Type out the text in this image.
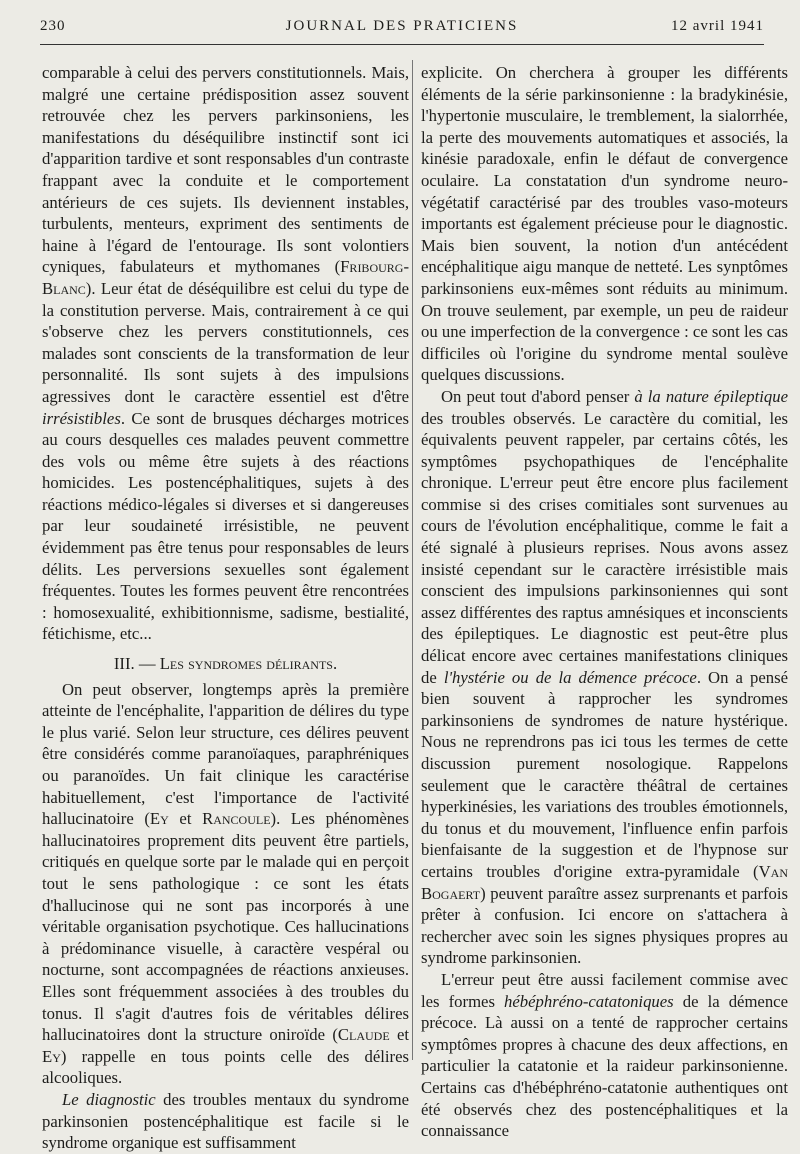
230	JOURNAL DES PRATICIENS	12 avril 1941

comparable à celui des pervers constitutionnels. Mais, malgré une certaine prédisposition assez souvent retrouvée chez les pervers parkinsoniens, les manifestations du déséquilibre instinctif sont ici d'apparition tardive et sont responsables d'un contraste frappant avec la conduite et le comportement antérieurs de ces sujets. Ils deviennent instables, turbulents, menteurs, expriment des sentiments de haine à l'égard de l'entourage. Ils sont volontiers cyniques, fabulateurs et mythomanes (Fribourg-Blanc). Leur état de déséquilibre est celui du type de la constitution perverse. Mais, contrairement à ce qui s'observe chez les pervers constitutionnels, ces malades sont conscients de la transformation de leur personnalité. Ils sont sujets à des impulsions agressives dont le caractère essentiel est d'être irrésistibles. Ce sont de brusques décharges motrices au cours desquelles ces malades peuvent commettre des vols ou même être sujets à des réactions homicides. Les postencéphalitiques, sujets à des réactions médico-légales si diverses et si dangereuses par leur soudaineté irrésistible, ne peuvent évidemment pas être tenus pour responsables de leurs délits. Les perversions sexuelles sont également fréquentes. Toutes les formes peuvent être rencontrées : homosexualité, exhibitionnisme, sadisme, bestialité, fétichisme, etc...

III. — Les syndromes délirants.

On peut observer, longtemps après la première atteinte de l'encéphalite, l'apparition de délires du type le plus varié. Selon leur structure, ces délires peuvent être considérés comme paranoïaques, paraphréniques ou paranoïdes. Un fait clinique les caractérise habituellement, c'est l'importance de l'activité hallucinatoire (Ey et Rancoule). Les phénomènes hallucinatoires proprement dits peuvent être partiels, critiqués en quelque sorte par le malade qui en perçoit tout le sens pathologique : ce sont les états d'hallucinose qui ne sont pas incorporés à une véritable organisation psychotique. Ces hallucinations à prédominance visuelle, à caractère vespéral ou nocturne, sont accompagnées de réactions anxieuses. Elles sont fréquemment associées à des troubles du tonus. Il s'agit d'autres fois de véritables délires hallucinatoires dont la structure onirοïde (Claude et Ey) rappelle en tous points celle des délires alcooliques.

Le diagnostic des troubles mentaux du syndrome parkinsonien postencéphalitique est facile si le syndrome organique est suffisamment

explicite. On cherchera à grouper les différents éléments de la série parkinsonienne : la bradykinésie, l'hypertonie musculaire, le tremblement, la sialorrhée, la perte des mouvements automatiques et associés, la kinésie paradoxale, enfin le défaut de convergence oculaire. La constatation d'un syndrome neuro-végétatif caractérisé par des troubles vaso-moteurs importants est également précieuse pour le diagnostic. Mais bien souvent, la notion d'un antécédent encéphalitique aigu manque de netteté. Les synptômes parkinsoniens eux-mêmes sont réduits au minimum. On trouve seulement, par exemple, un peu de raideur ou une imperfection de la convergence : ce sont les cas difficiles où l'origine du syndrome mental soulève quelques discussions.

On peut tout d'abord penser à la nature épileptique des troubles observés. Le caractère du comitial, les équivalents peuvent rappeler, par certains côtés, les symptômes psychopathiques de l'encéphalite chronique. L'erreur peut être encore plus facilement commise si des crises comitiales sont survenues au cours de l'évolution encéphalitique, comme le fait a été signalé à plusieurs reprises. Nous avons assez insisté cependant sur le caractère irrésistible mais conscient des impulsions parkinsoniennes qui sont assez différentes des raptus amnésiques et inconscients des épileptiques. Le diagnostic est peut-être plus délicat encore avec certaines manifestations cliniques de l'hystérie ou de la démence précoce. On a pensé bien souvent à rapprocher les syndromes parkinsoniens de syndromes de nature hystérique. Nous ne reprendrons pas ici tous les termes de cette discussion purement nosologique. Rappelons seulement que le caractère théâtral de certaines hyperkinésies, les variations des troubles émotionnels, du tonus et du mouvement, l'influence enfin parfois bienfaisante de la suggestion et de l'hypnose sur certains troubles d'origine extra-pyramidale (Van Bogaert) peuvent paraître assez surprenants et parfois prêter à confusion. Ici encore on s'attachera à rechercher avec soin les signes physiques propres au syndrome parkinsonien.

L'erreur peut être aussi facilement commise avec les formes hébéphréno-catatoniques de la démence précoce. Là aussi on a tenté de rapprocher certains symptômes propres à chacune des deux affections, en particulier la catatonie et la raideur parkinsonienne. Certains cas d'hébéphréno-catatonie authentiques ont été observés chez des postencéphalitiques et la connaissance
